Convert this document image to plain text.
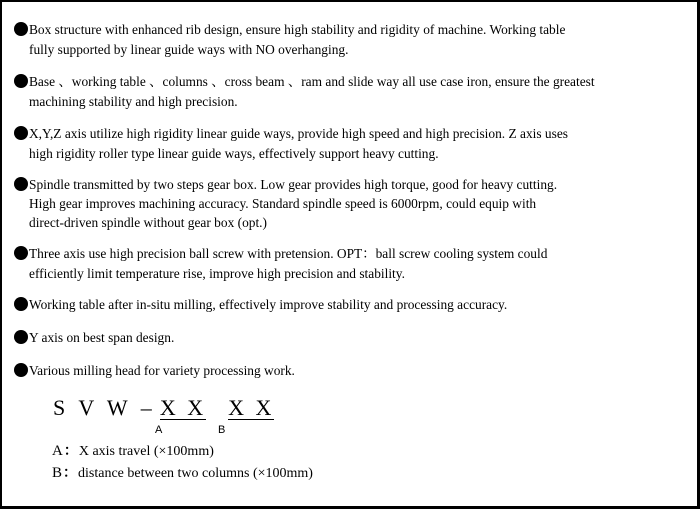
Box structure with enhanced rib design, ensure high stability and rigidity of machine. Working table
fully supported by linear guide ways with NO overhanging.
Base 、working table 、columns 、cross beam 、ram and slide way all use case iron, ensure the greatest
machining stability and high precision.
X,Y,Z axis utilize high rigidity linear guide ways, provide high speed and high precision. Z axis uses
high rigidity roller type linear guide ways, effectively support heavy cutting.
Spindle transmitted by two steps gear box. Low gear provides high torque, good for heavy cutting.
High gear improves machining accuracy. Standard spindle speed is 6000rpm, could equip with
direct-driven spindle without gear box (opt.)
Three axis use high precision ball screw with pretension. OPT：ball screw cooling system could
efficiently limit temperature rise, improve high precision and stability.
Working table after in-situ milling, effectively improve stability and processing accuracy.
Y axis on best span design.
Various milling head for variety processing work.
S V W – X X X X
A	B
A：X axis travel (×100mm)
B：distance between two columns (×100mm)
